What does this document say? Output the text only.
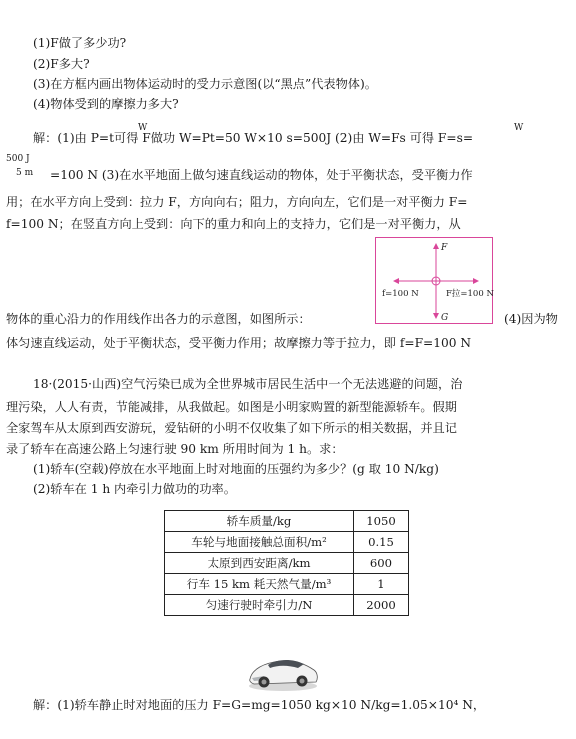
(1)F做了多少功?
(2)F多大?
(3)在方框内画出物体运动时的受力示意图(以“黑点”代表物体)。
(4)物体受到的摩擦力多大?
W	W
解：(1)由 P=t可得 F做功 W=Pt=50 W×10 s=500J (2)由 W=Fs 可得 F=s=
500 J
5 m =100 N (3)在水平地面上做匀速直线运动的物体，处于平衡状态，受平衡力作
用；在水平方向上受到：拉力 F，方向向右；阻力，方向向左，它们是一对平衡力 F=
f=100 N；在竖直方向上受到：向下的重力和向上的支持力，它们是一对平衡力，从
F
G
f=100 N	F拉=100 N
物体的重心沿力的作用线作出各力的示意图，如图所示：	(4)因为物
体匀速直线运动，处于平衡状态，受平衡力作用；故摩擦力等于拉力，即 f=F=100 N
18·(2015·山西)空气污染已成为全世界城市居民生活中一个无法逃避的问题，治
理污染，人人有责，节能减排，从我做起。如图是小明家购置的新型能源轿车。假期
全家驾车从太原到西安游玩，爱钻研的小明不仅收集了如下所示的相关数据，并且记
录了轿车在高速公路上匀速行驶 90 km 所用时间为 1 h。求：
(1)轿车(空载)停放在水平地面上时对地面的压强约为多少？(g 取 10 N/kg)
(2)轿车在 1 h 内牵引力做功的功率。
轿车质量/kg	1050
车轮与地面接触总面积/m²	0.15
太原到西安距离/km	600
行车 15 km 耗天然气量/m³	1
匀速行驶时牵引力/N	2000
解：(1)轿车静止时对地面的压力 F=G=mg=1050 kg×10 N/kg=1.05×10⁴ N，
